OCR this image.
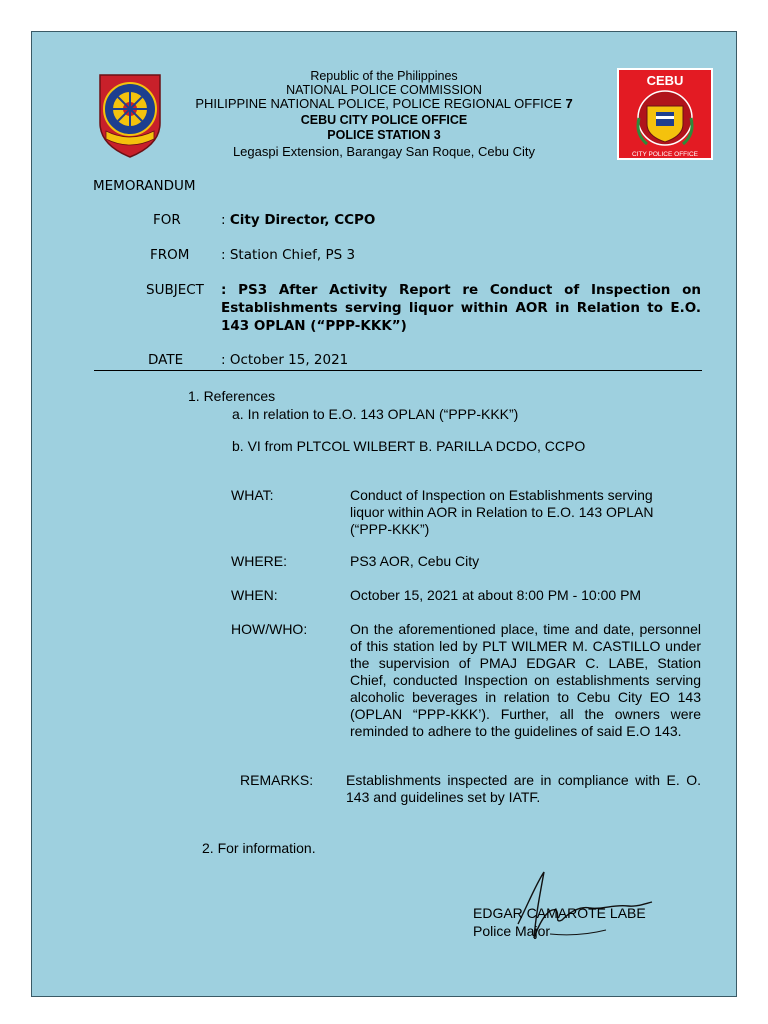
CEBU
CITY POLICE OFFICE
Republic of the Philippines
NATIONAL POLICE COMMISSION
PHILIPPINE NATIONAL POLICE, POLICE REGIONAL OFFICE 7
CEBU CITY POLICE OFFICE
POLICE STATION 3
Legaspi Extension, Barangay San Roque, Cebu City
MEMORANDUM
FOR	: City Director, CCPO
FROM : Station Chief, PS 3
SUBJECT : PS3 After Activity Report re Conduct of Inspection on
Establishments serving liquor within AOR in Relation to E.O.
143 OPLAN (“PPP-KKK”)
DATE	: October 15, 2021
1. References
a. In relation to E.O. 143 OPLAN (“PPP-KKK”)
b. VI from PLTCOL WILBERT B. PARILLA DCDO, CCPO
WHAT:	Conduct of Inspection on Establishments serving
liquor within AOR in Relation to E.O. 143 OPLAN
(“PPP-KKK”)
WHERE:	PS3 AOR, Cebu City
WHEN:	October 15, 2021 at about 8:00 PM - 10:00 PM
HOW/WHO:	On the aforementioned place, time and date, personnel of this station led by PLT WILMER M. CASTILLO under the supervision of PMAJ EDGAR C. LABE, Station Chief, conducted Inspection on establishments serving alcoholic beverages in relation to Cebu City EO 143 (OPLAN “PPP-KKK’). Further, all the owners were reminded to adhere to the guidelines of said E.O 143.
REMARKS: Establishments inspected are in compliance with E. O. 143 and guidelines set by IATF.
2. For information.
EDGAR CAMAROTE LABE
Police Major
